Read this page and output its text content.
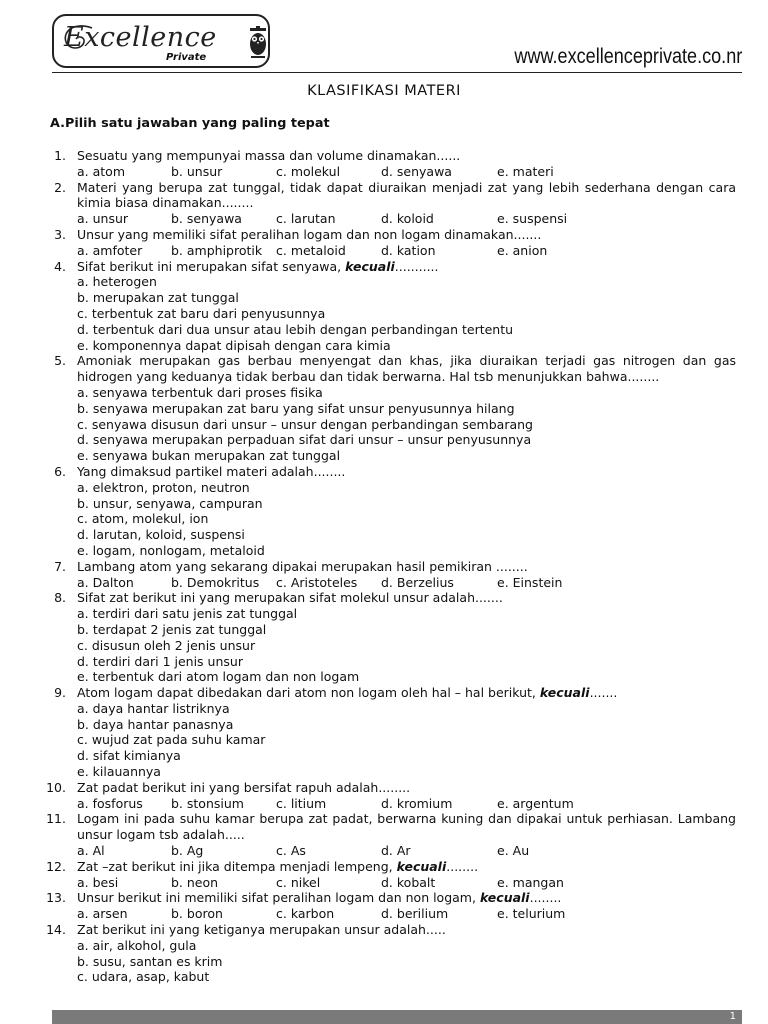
Excellence
Private	www.excellenceprivate.co.nr
KLASIFIKASI MATERI
A.Pilih satu jawaban yang paling tepat
1. Sesuatu yang mempunyai massa dan volume dinamakan......
a. atom	b. unsur	c. molekul	d. senyawa	e. materi
2. Materi yang berupa zat tunggal, tidak dapat diuraikan menjadi zat yang lebih sederhana dengan cara kimia biasa dinamakan........
a. unsur	b. senyawa	c. larutan	d. koloid	e. suspensi
3. Unsur yang memiliki sifat peralihan logam dan non logam dinamakan.......
a. amfoter	b. amphiprotik	c. metaloid	d. kation	e. anion
4. Sifat berikut ini merupakan sifat senyawa, kecuali...........
a. heterogen
b. merupakan zat tunggal
c. terbentuk zat baru dari penyusunnya
d. terbentuk dari dua unsur atau lebih dengan perbandingan tertentu
e. komponennya dapat dipisah dengan cara kimia
5. Amoniak merupakan gas berbau menyengat dan khas, jika diuraikan terjadi gas nitrogen dan gas hidrogen yang keduanya tidak berbau dan tidak berwarna. Hal tsb menunjukkan bahwa........
a. senyawa terbentuk dari proses fisika
b. senyawa merupakan zat baru yang sifat unsur penyusunnya hilang
c. senyawa disusun dari unsur – unsur dengan perbandingan sembarang
d. senyawa merupakan perpaduan sifat dari unsur – unsur penyusunnya
e. senyawa bukan merupakan zat tunggal
6. Yang dimaksud partikel materi adalah........
a. elektron, proton, neutron
b. unsur, senyawa, campuran
c. atom, molekul, ion
d. larutan, koloid, suspensi
e. logam, nonlogam, metaloid
7. Lambang atom yang sekarang dipakai merupakan hasil pemikiran ........
a. Dalton	b. Demokritus	c. Aristoteles	d. Berzelius	e. Einstein
8. Sifat zat berikut ini yang merupakan sifat molekul unsur adalah.......
a. terdiri dari satu jenis zat tunggal
b. terdapat 2 jenis zat tunggal
c. disusun oleh 2 jenis unsur
d. terdiri dari 1 jenis unsur
e. terbentuk dari atom logam dan non logam
9. Atom logam dapat dibedakan dari atom non logam oleh hal – hal berikut, kecuali.......
a. daya hantar listriknya
b. daya hantar panasnya
c. wujud zat pada suhu kamar
d. sifat kimianya
e. kilauannya
10. Zat padat berikut ini yang bersifat rapuh adalah........
a. fosforus	b. stonsium	c. litium	d. kromium	e. argentum
11. Logam ini pada suhu kamar berupa zat padat, berwarna kuning dan dipakai untuk perhiasan. Lambang unsur logam tsb adalah.....
a. Al	b. Ag	c. As	d. Ar	e. Au
12. Zat –zat berikut ini jika ditempa menjadi lempeng, kecuali........
a. besi	b. neon	c. nikel	d. kobalt	e. mangan
13. Unsur berikut ini memiliki sifat peralihan logam dan non logam, kecuali........
a. arsen	b. boron	c. karbon	d. berilium	e. telurium
14. Zat berikut ini yang ketiganya merupakan unsur adalah.....
a. air, alkohol, gula
b. susu, santan es krim
c. udara, asap, kabut
1
